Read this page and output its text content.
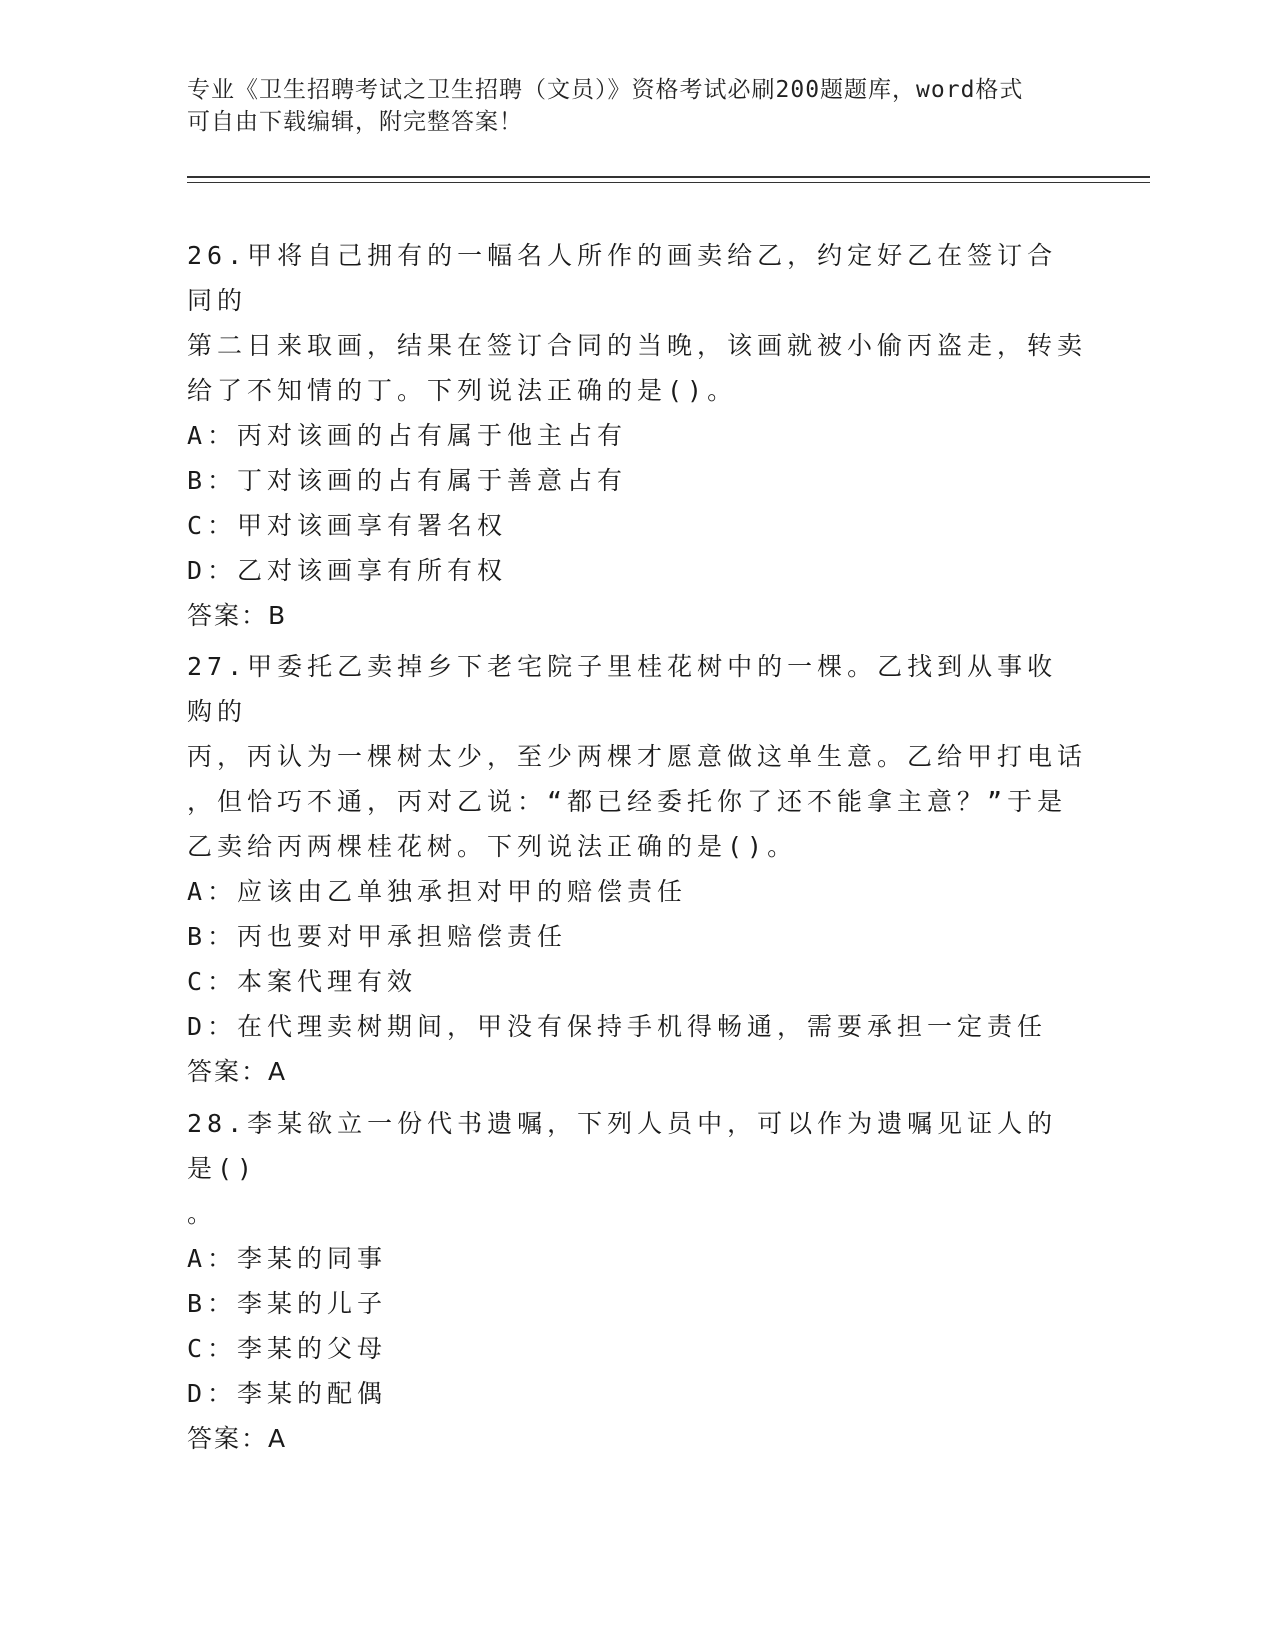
专业《卫生招聘考试之卫生招聘（文员）》资格考试必刷200题题库，word格式
可自由下载编辑，附完整答案！

26.甲将自己拥有的一幅名人所作的画卖给乙，约定好乙在签订合同的

第二日来取画，结果在签订合同的当晚，该画就被小偷丙盗走，转卖

给了不知情的丁。下列说法正确的是()。

A：丙对该画的占有属于他主占有

B：丁对该画的占有属于善意占有

C：甲对该画享有署名权

D：乙对该画享有所有权

答案：B

27.甲委托乙卖掉乡下老宅院子里桂花树中的一棵。乙找到从事收购的

丙，丙认为一棵树太少，至少两棵才愿意做这单生意。乙给甲打电话

，但恰巧不通，丙对乙说：“都已经委托你了还不能拿主意？”于是

乙卖给丙两棵桂花树。下列说法正确的是()。

A：应该由乙单独承担对甲的赔偿责任

B：丙也要对甲承担赔偿责任

C：本案代理有效

D：在代理卖树期间，甲没有保持手机得畅通，需要承担一定责任

答案：A

28.李某欲立一份代书遗嘱，下列人员中，可以作为遗嘱见证人的是()

。

A：李某的同事

B：李某的儿子

C：李某的父母

D：李某的配偶

答案：A
